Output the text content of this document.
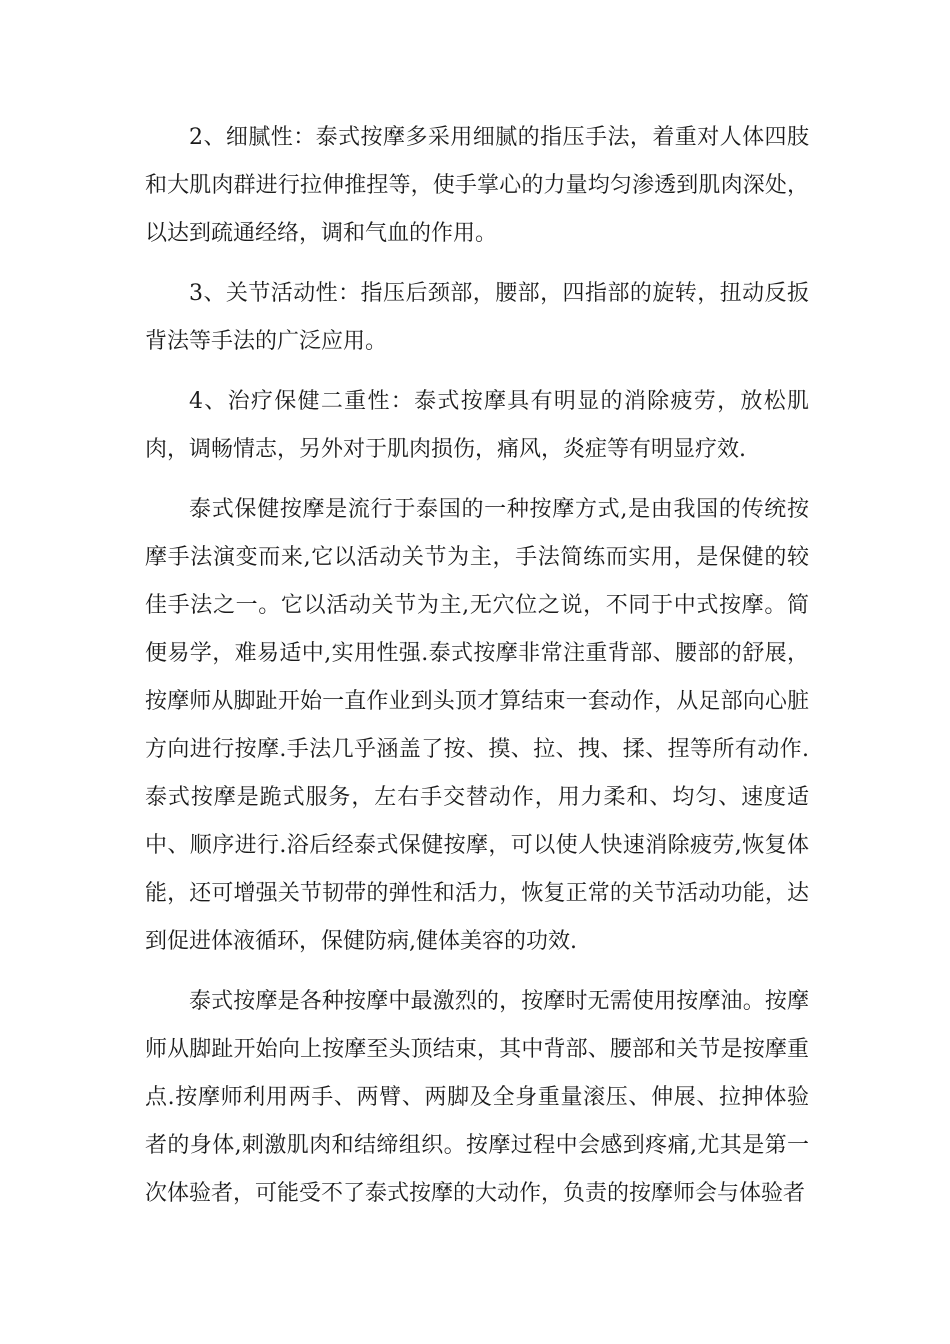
2、细腻性：泰式按摩多采用细腻的指压手法，着重对人体四肢和大肌肉群进行拉伸推捏等，使手掌心的力量均匀渗透到肌肉深处，以达到疏通经络，调和气血的作用。

3、关节活动性：指压后颈部，腰部，四指部的旋转，扭动反扳背法等手法的广泛应用。

4、治疗保健二重性：泰式按摩具有明显的消除疲劳，放松肌肉，调畅情志，另外对于肌肉损伤，痛风，炎症等有明显疗效.

泰式保健按摩是流行于泰国的一种按摩方式,是由我国的传统按摩手法演变而来,它以活动关节为主，手法简练而实用，是保健的较佳手法之一。它以活动关节为主,无穴位之说，不同于中式按摩。简便易学，难易适中,实用性强.泰式按摩非常注重背部、腰部的舒展，按摩师从脚趾开始一直作业到头顶才算结束一套动作，从足部向心脏方向进行按摩.手法几乎涵盖了按、摸、拉、拽、揉、捏等所有动作.泰式按摩是跪式服务，左右手交替动作，用力柔和、均匀、速度适中、顺序进行.浴后经泰式保健按摩，可以使人快速消除疲劳,恢复体能，还可增强关节韧带的弹性和活力，恢复正常的关节活动功能，达到促进体液循环，保健防病,健体美容的功效.

泰式按摩是各种按摩中最激烈的，按摩时无需使用按摩油。按摩师从脚趾开始向上按摩至头顶结束，其中背部、腰部和关节是按摩重点.按摩师利用两手、两臂、两脚及全身重量滚压、伸展、拉抻体验者的身体,刺激肌肉和结缔组织。按摩过程中会感到疼痛,尤其是第一次体验者，可能受不了泰式按摩的大动作，负责的按摩师会与体验者
